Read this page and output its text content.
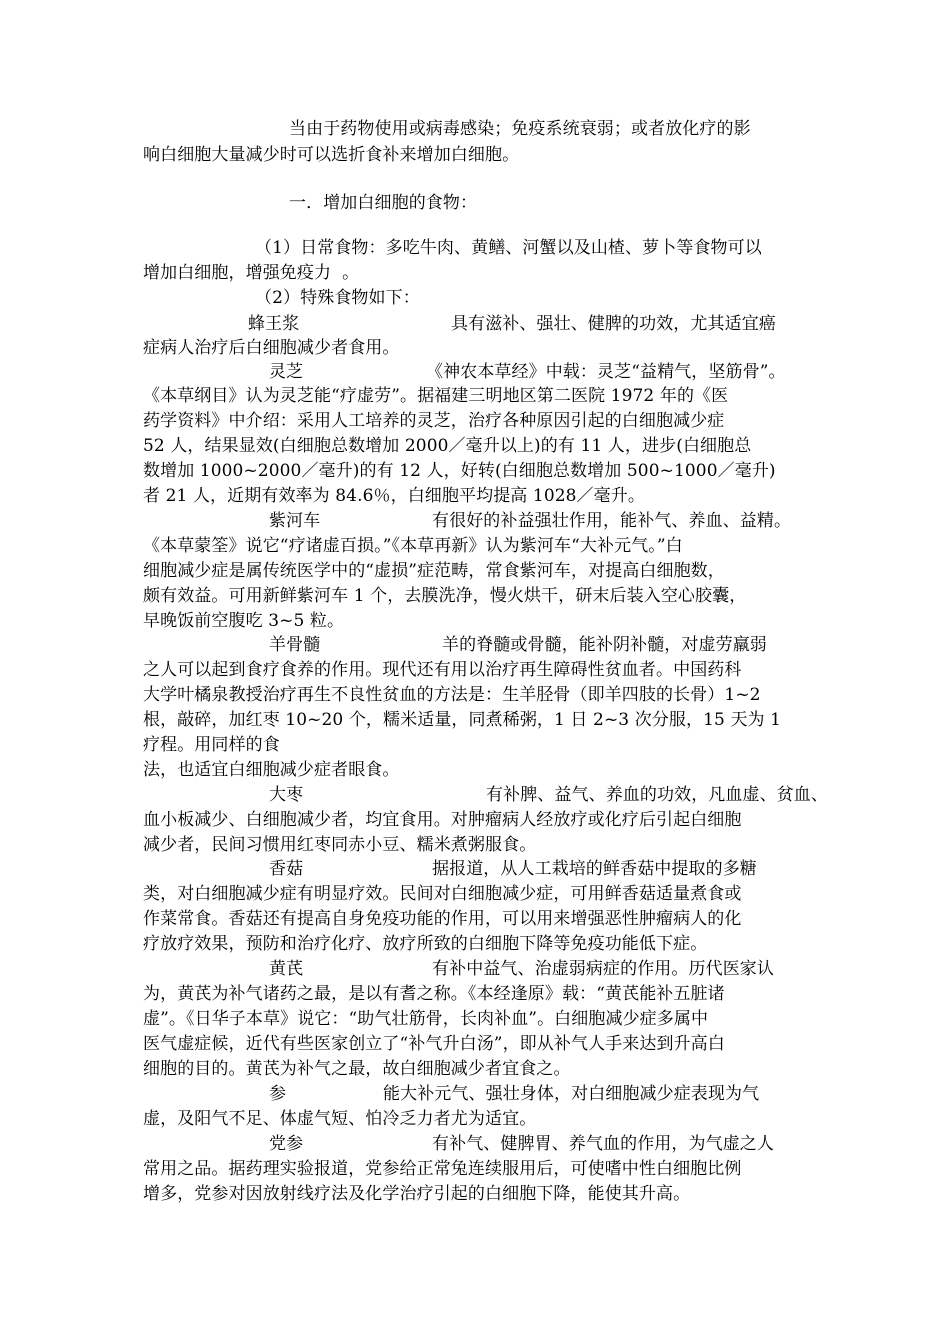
当由于药物使用或病毒感染；免疫系统衰弱；或者放化疗的影
响白细胞大量减少时可以选折食补来增加白细胞。
一．增加白细胞的食物：
（1）日常食物：多吃牛肉、黄鳝、河蟹以及山楂、萝卜等食物可以
增加白细胞，增强免疫力  。
（2）特殊食物如下：
蜂王浆	具有滋补、强壮、健脾的功效，尤其适宜癌
症病人治疗后白细胞减少者食用。
灵芝	《神农本草经》中载：灵芝“益精气，坚筋骨”。
《本草纲目》认为灵芝能“疗虚劳”。据福建三明地区第二医院 1972 年的《医
药学资料》中介绍：采用人工培养的灵芝，治疗各种原因引起的白细胞减少症
52 人，结果显效(白细胞总数增加 2000／毫升以上)的有 11 人，进步(白细胞总
数增加 1000~2000／毫升)的有 12 人，好转(白细胞总数增加 500~1000／毫升)
者 21 人，近期有效率为 84.6％，白细胞平均提高 1028／毫升。
紫河车	有很好的补益强壮作用，能补气、养血、益精。
《本草蒙筌》说它“疗诸虚百损。”《本草再新》认为紫河车“大补元气。”白
细胞减少症是属传统医学中的“虚损”症范畴，常食紫河车，对提高白细胞数，
颇有效益。可用新鲜紫河车 1 个，去膜洗净，慢火烘干，研末后装入空心胶囊，
早晚饭前空腹吃 3~5 粒。
羊骨髓	羊的脊髓或骨髓，能补阴补髓，对虚劳羸弱
之人可以起到食疗食养的作用。现代还有用以治疗再生障碍性贫血者。中国药科
大学叶橘泉教授治疗再生不良性贫血的方法是：生羊胫骨（即羊四肢的长骨）1~2
根，敲碎，加红枣 10~20 个，糯米适量，同煮稀粥，1 日 2~3 次分服，15 天为 1
疗程。用同样的食
法，也适宜白细胞减少症者眼食。
大枣	有补脾、益气、养血的功效，凡血虚、贫血、
血小板减少、白细胞减少者，均宜食用。对肿瘤病人经放疗或化疗后引起白细胞
减少者，民间习惯用红枣同赤小豆、糯米煮粥服食。
香菇	据报道，从人工栽培的鲜香菇中提取的多糖
类，对白细胞减少症有明显疗效。民间对白细胞减少症，可用鲜香菇适量煮食或
作菜常食。香菇还有提高自身免疫功能的作用，可以用来增强恶性肿瘤病人的化
疗放疗效果，预防和治疗化疗、放疗所致的白细胞下降等免疫功能低下症。
黄芪	有补中益气、治虚弱病症的作用。历代医家认
为，黄芪为补气诸药之最，是以有耆之称。《本经逢原》载：“黄芪能补五脏诸
虚”。《日华子本草》说它：“助气壮筋骨，长肉补血”。白细胞减少症多属中
医气虚症候，近代有些医家创立了“补气升白汤”，即从补气人手来达到升高白
细胞的目的。黄芪为补气之最，故白细胞减少者宜食之。
参	能大补元气、强壮身体，对白细胞减少症表现为气
虚，及阳气不足、体虚气短、怕冷乏力者尤为适宜。
党参	有补气、健脾胃、养气血的作用，为气虚之人
常用之品。据药理实验报道，党参给正常兔连续服用后，可使嗜中性白细胞比例
增多，党参对因放射线疗法及化学治疗引起的白细胞下降，能使其升高。
